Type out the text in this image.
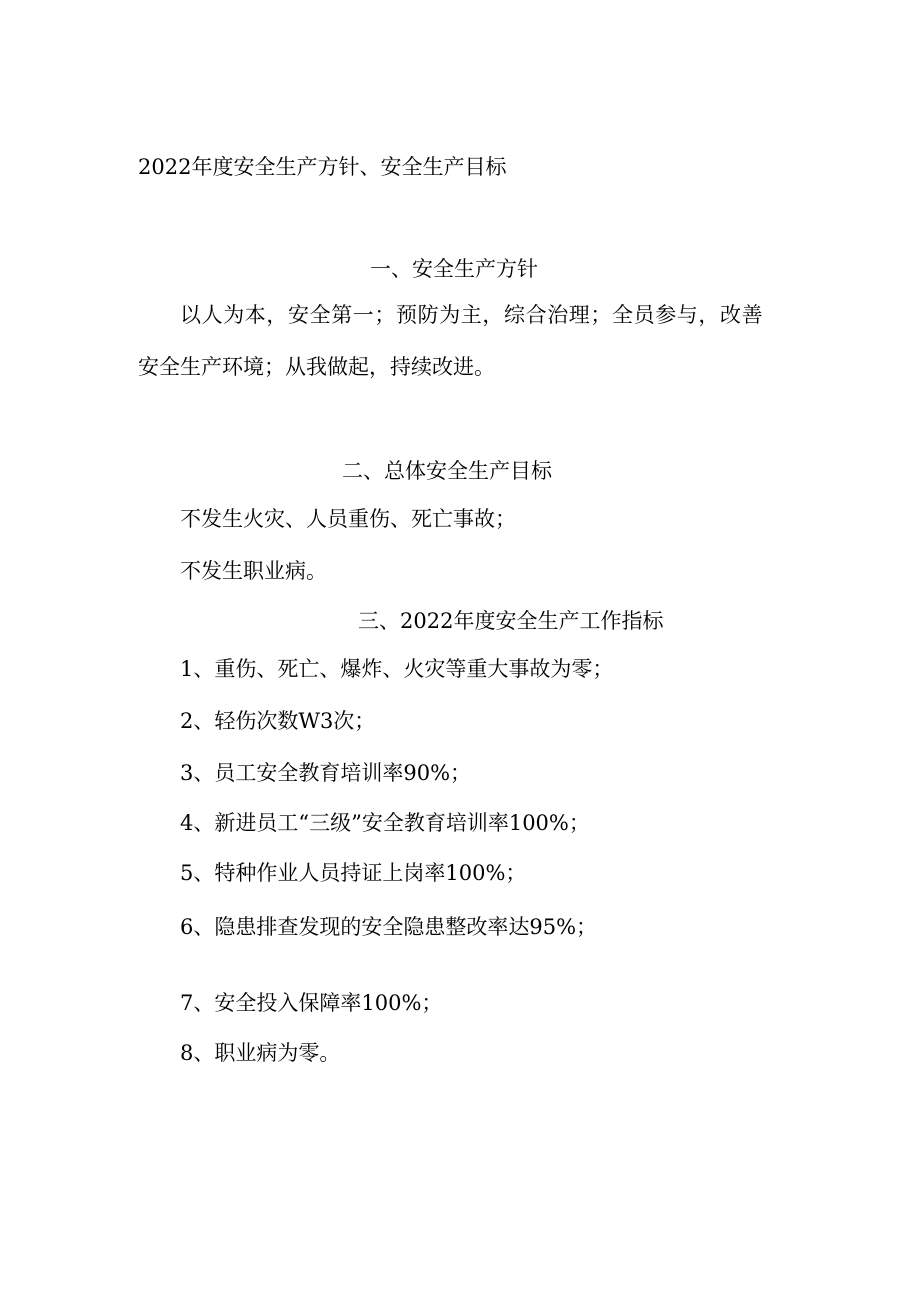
2022年度安全生产方针、安全生产目标
一、安全生产方针

以人为本，安全第一；预防为主，综合治理；全员参与，改善

安全生产环境；从我做起，持续改进。

二、总体安全生产目标

不发生火灾、人员重伤、死亡事故；

不发生职业病。

三、2022年度安全生产工作指标

1、重伤、死亡、爆炸、火灾等重大事故为零；

2、轻伤次数W3次；

3、员工安全教育培训率90%；

4、新进员工“三级”安全教育培训率100%；

5、特种作业人员持证上岗率100%；

6、隐患排查发现的安全隐患整改率达95%；

7、安全投入保障率100%；

8、职业病为零。
